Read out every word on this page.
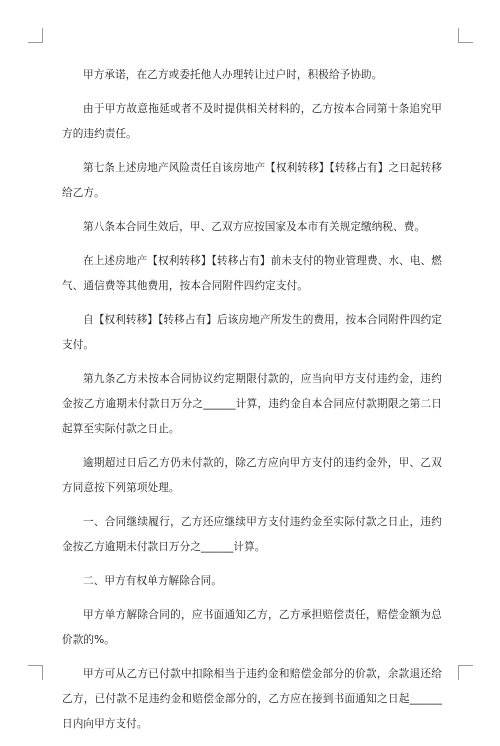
甲方承诺，在乙方或委托他人办理转让过户时，积极给予协助。

由于甲方故意拖延或者不及时提供相关材料的，乙方按本合同第十条追究甲方的违约责任。

第七条上述房地产风险责任自该房地产【权利转移】【转移占有】之日起转移给乙方。

第八条本合同生效后，甲、乙双方应按国家及本市有关规定缴纳税、费。

在上述房地产【权利转移】【转移占有】前未支付的物业管理费、水、电、燃气、通信费等其他费用，按本合同附件四约定支付。

自【权利转移】【转移占有】后该房地产所发生的费用，按本合同附件四约定支付。

第九条乙方未按本合同协议约定期限付款的，应当向甲方支付违约金，违约金按乙方逾期未付款日万分之______计算，违约金自本合同应付款期限之第二日起算至实际付款之日止。

逾期超过日后乙方仍未付款的，除乙方应向甲方支付的违约金外，甲、乙双方同意按下列第项处理。

一、合同继续履行，乙方还应继续甲方支付违约金至实际付款之日止，违约金按乙方逾期未付款日万分之______计算。

二、甲方有权单方解除合同。

甲方单方解除合同的，应书面通知乙方，乙方承担赔偿责任，赔偿金额为总价款的%。

甲方可从乙方已付款中扣除相当于违约金和赔偿金部分的价款，余款退还给乙方，已付款不足违约金和赔偿金部分的，乙方应在接到书面通知之日起______日内向甲方支付。
